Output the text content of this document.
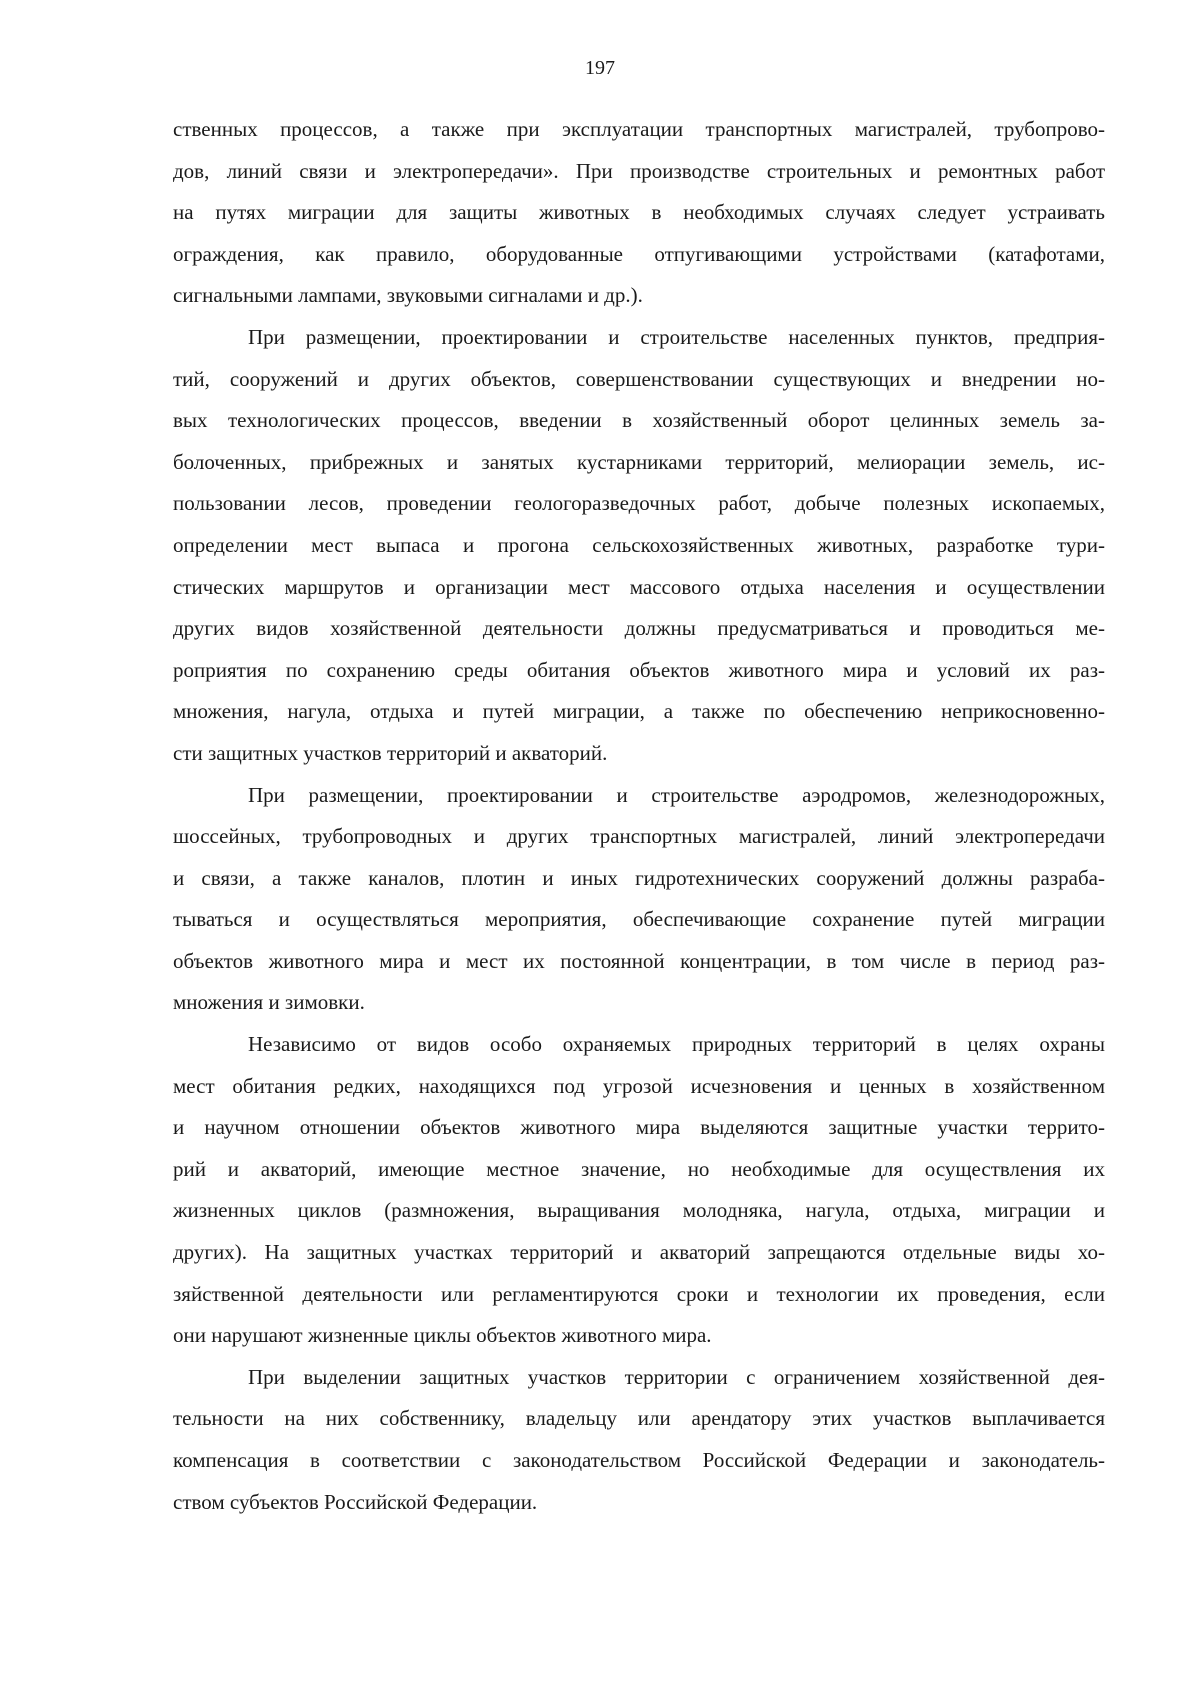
197

ственных процессов, а также при эксплуатации транспортных магистралей, трубопрово-
дов, линий связи и электропередачи». При производстве строительных и ремонтных работ
на путях миграции для защиты животных в необходимых случаях следует устраивать
ограждения, как правило, оборудованные отпугивающими устройствами (катафотами,
сигнальными лампами, звуковыми сигналами и др.).

При размещении, проектировании и строительстве населенных пунктов, предприя-
тий, сооружений и других объектов, совершенствовании существующих и внедрении но-
вых технологических процессов, введении в хозяйственный оборот целинных земель за-
болоченных, прибрежных и занятых кустарниками территорий, мелиорации земель, ис-
пользовании лесов, проведении геологоразведочных работ, добыче полезных ископаемых,
определении мест выпаса и прогона сельскохозяйственных животных, разработке тури-
стических маршрутов и организации мест массового отдыха населения и осуществлении
других видов хозяйственной деятельности должны предусматриваться и проводиться ме-
роприятия по сохранению среды обитания объектов животного мира и условий их раз-
множения, нагула, отдыха и путей миграции, а также по обеспечению неприкосновенно-
сти защитных участков территорий и акваторий.

При размещении, проектировании и строительстве аэродромов, железнодорожных,
шоссейных, трубопроводных и других транспортных магистралей, линий электропередачи
и связи, а также каналов, плотин и иных гидротехнических сооружений должны разраба-
тываться и осуществляться мероприятия, обеспечивающие сохранение путей миграции
объектов животного мира и мест их постоянной концентрации, в том числе в период раз-
множения и зимовки.

Независимо от видов особо охраняемых природных территорий в целях охраны
мест обитания редких, находящихся под угрозой исчезновения и ценных в хозяйственном
и научном отношении объектов животного мира выделяются защитные участки террито-
рий и акваторий, имеющие местное значение, но необходимые для осуществления их
жизненных циклов (размножения, выращивания молодняка, нагула, отдыха, миграции и
других). На защитных участках территорий и акваторий запрещаются отдельные виды хо-
зяйственной деятельности или регламентируются сроки и технологии их проведения, если
они нарушают жизненные циклы объектов животного мира.

При выделении защитных участков территории с ограничением хозяйственной дея-
тельности на них собственнику, владельцу или арендатору этих участков выплачивается
компенсация в соответствии с законодательством Российской Федерации и законодатель-
ством субъектов Российской Федерации.
